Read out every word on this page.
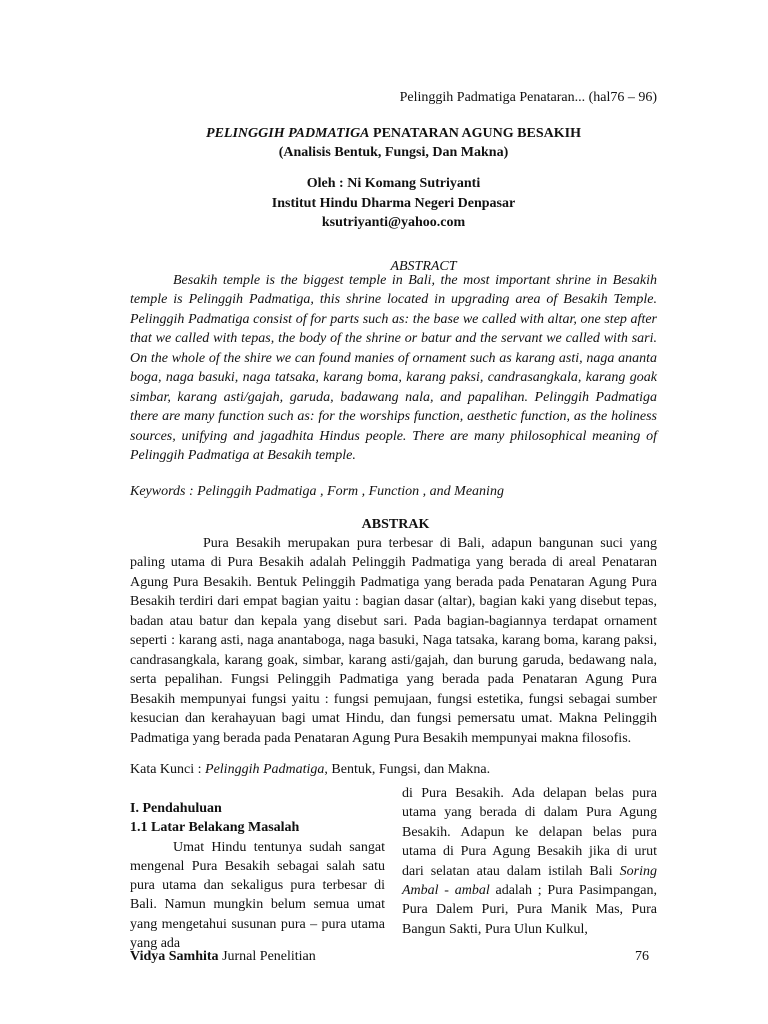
Pelinggih Padmatiga Penataran... (hal76 – 96)
PELINGGIH PADMATIGA PENATARAN AGUNG BESAKIH
(Analisis Bentuk, Fungsi, Dan Makna)
Oleh : Ni Komang Sutriyanti
Institut Hindu Dharma Negeri Denpasar
ksutriyanti@yahoo.com
ABSTRACT
Besakih temple is the biggest temple in Bali, the most important shrine in Besakih temple is Pelinggih Padmatiga, this shrine located in upgrading area of Besakih Temple. Pelinggih Padmatiga consist of for parts such as: the base we called with altar, one step after that we called with tepas, the body of the shrine or batur and the servant we called with sari. On the whole of the shire we can found manies of ornament such as karang asti, naga ananta boga, naga basuki, naga tatsaka, karang boma, karang paksi, candrasangkala, karang goak simbar, karang asti/gajah, garuda, badawang nala, and papalihan. Pelinggih Padmatiga there are many function such as: for the worships function, aesthetic function, as the holiness sources, unifying and jagadhita Hindus people. There are many philosophical meaning of Pelinggih Padmatiga at Besakih temple.
Keywords : Pelinggih Padmatiga , Form , Function , and Meaning
ABSTRAK
Pura Besakih merupakan pura terbesar di Bali, adapun bangunan suci yang paling utama di Pura Besakih adalah Pelinggih Padmatiga yang berada di areal Penataran Agung Pura Besakih. Bentuk Pelinggih Padmatiga yang berada pada Penataran Agung Pura Besakih terdiri dari empat bagian yaitu : bagian dasar (altar), bagian kaki yang disebut tepas, badan atau batur dan kepala yang disebut sari. Pada bagian-bagiannya terdapat ornament seperti : karang asti, naga anantaboga, naga basuki, Naga tatsaka, karang boma, karang paksi, candrasangkala, karang goak, simbar, karang asti/gajah, dan burung garuda, bedawang nala, serta pepalihan. Fungsi Pelinggih Padmatiga yang berada pada Penataran Agung Pura Besakih mempunyai fungsi yaitu : fungsi pemujaan, fungsi estetika, fungsi sebagai sumber kesucian dan kerahayuan bagi umat Hindu, dan fungsi pemersatu umat. Makna Pelinggih Padmatiga yang berada pada Penataran Agung Pura Besakih mempunyai makna filosofis.
Kata Kunci : Pelinggih Padmatiga, Bentuk, Fungsi, dan Makna.
I. Pendahuluan
1.1 Latar Belakang Masalah
Umat Hindu tentunya sudah sangat mengenal Pura Besakih sebagai salah satu pura utama dan sekaligus pura terbesar di Bali. Namun mungkin belum semua umat yang mengetahui susunan pura – pura utama yang ada
di Pura Besakih. Ada delapan belas pura utama yang berada di dalam Pura Agung Besakih. Adapun ke delapan belas pura utama di Pura Agung Besakih jika di urut dari selatan atau dalam istilah Bali Soring Ambal - ambal adalah ; Pura Pasimpangan, Pura Dalem Puri, Pura Manik Mas, Pura Bangun Sakti, Pura Ulun Kulkul,
Vidya Samhita Jurnal Penelitian	76
